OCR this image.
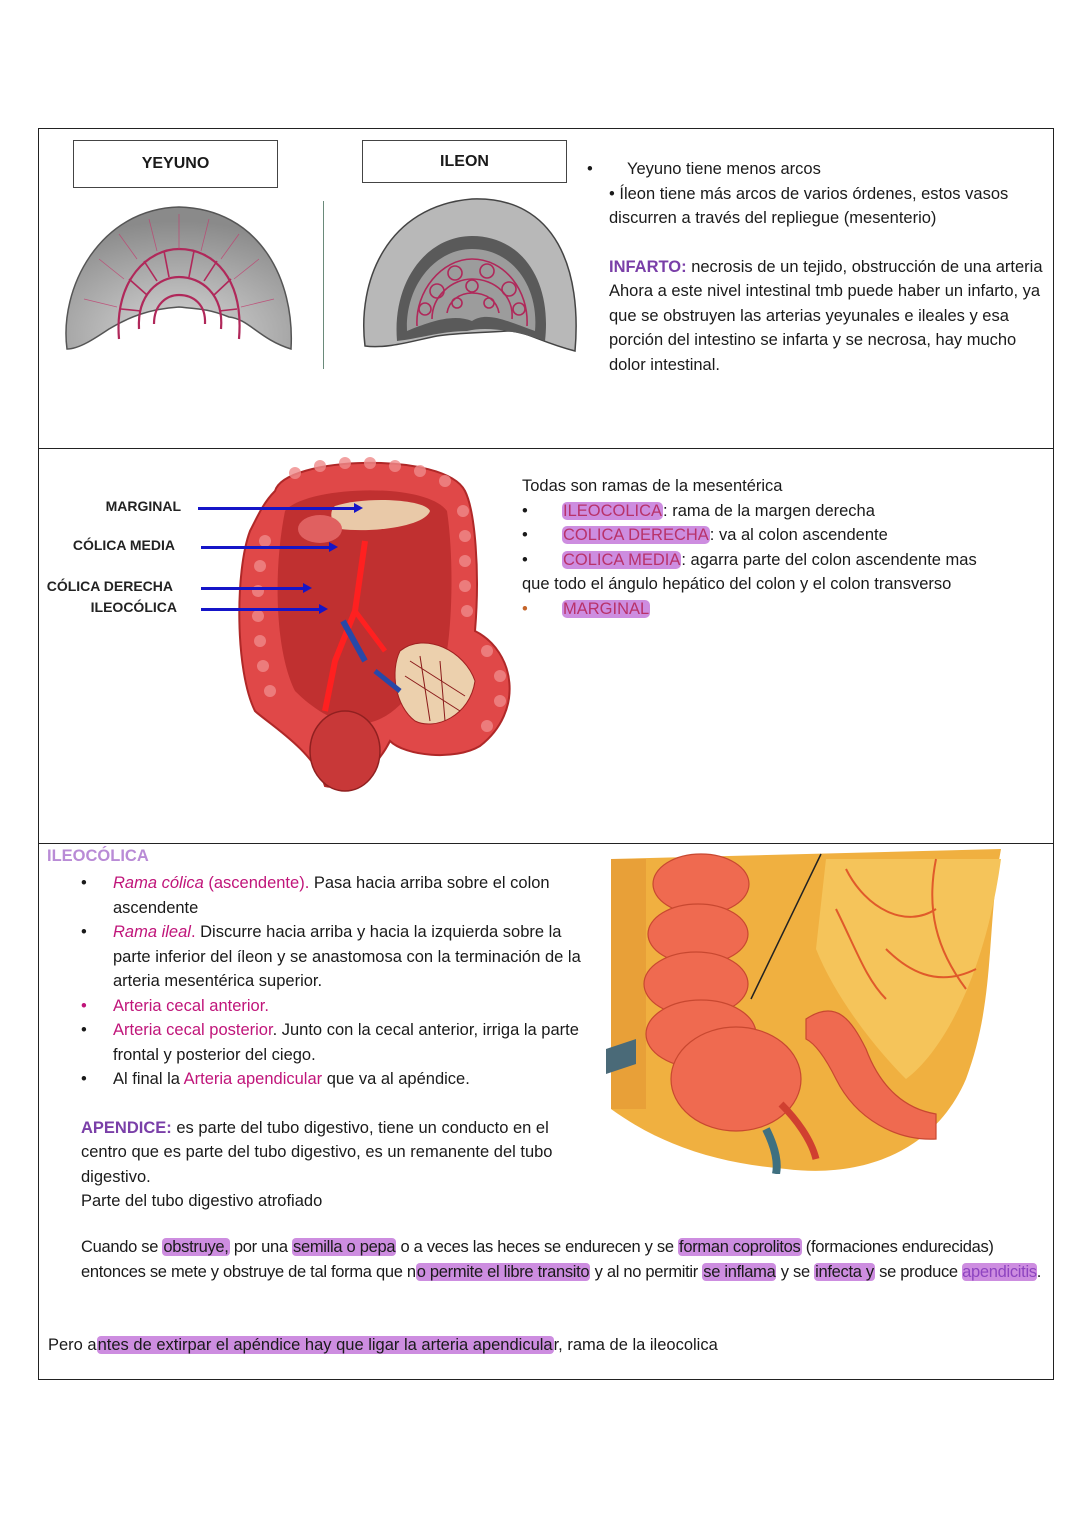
YEYUNO	ILEON	• Yeyuno tiene menos arcos
• Íleon tiene más arcos de varios órdenes, estos vasos discurren a través del repliegue (mesenterio)
INFARTO: necrosis de un tejido, obstrucción de una arteria
Ahora a este nivel intestinal tmb puede haber un infarto, ya que se obstruyen las arterias yeyunales e ileales y esa porción del intestino se infarta y se necrosa, hay mucho dolor intestinal.
MARGINAL
CÓLICA MEDIA
CÓLICA DERECHA
ILEOCÓLICA
Todas son ramas de la mesentérica
• ILEOCOLICA: rama de la margen derecha
• COLICA DERECHA: va al colon ascendente
• COLICA MEDIA: agarra parte del colon ascendente mas
que todo el ángulo hepático del colon y el colon transverso
• MARGINAL
ILEOCÓLICA
• Rama cólica (ascendente). Pasa hacia arriba sobre el colon ascendente
• Rama ileal. Discurre hacia arriba y hacia la izquierda sobre la parte inferior del íleon y se anastomosa con la terminación de la arteria mesentérica superior.
• Arteria cecal anterior.
• Arteria cecal posterior. Junto con la cecal anterior, irriga la parte frontal y posterior del ciego.
• Al final la Arteria apendicular que va al apéndice.
APENDICE: es parte del tubo digestivo, tiene un conducto en el centro que es parte del tubo digestivo, es un remanente del tubo digestivo.
Parte del tubo digestivo atrofiado
Cuando se obstruye, por una semilla o pepa o a veces las heces se endurecen y se forman coprolitos (formaciones endurecidas) entonces se mete y obstruye de tal forma que no permite el libre transito y al no permitir se inflama y se infecta y se produce apendicitis.
Pero antes de extirpar el apéndice hay que ligar la arteria apendicular, rama de la ileocolica
